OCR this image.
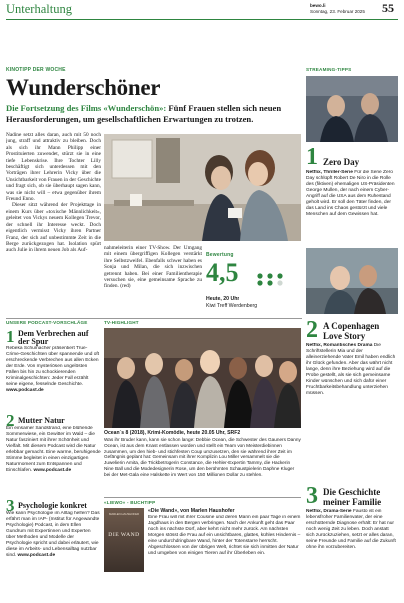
Unterhaltung	bewo.li
Sonntag, 23. Februar 2025 55
KINOTIPP DER WOCHE
Wunderschöner
Die Fortsetzung des Films «Wunderschön»: Fünf Frauen stellen sich neuen Herausforderungen, um gesellschaftlichen Erwartungen zu trotzen.

Nadine setzt alles daran, auch mit 50 noch jung, straff und attraktiv zu bleiben. Doch als sich ihr Mann Philipp einer Prostituierten zuwendet, stürzt sie in eine tiefe Lebenskrise. Ihre Tochter Lilly beschäftigt sich unterdessen mit den Vorträgen ihrer Lehrerin Vicky über die Unsichtbarkeit von Frauen in der Geschichte und fragt sich, ob sie überhaupt sagen kann, was sie nicht will – etwa gegenüber ihrem Freund Enno.

Dieser sitzt während der Projekttage in einem Kurs über «toxische Männlichkeit», geleitet von Vickys neuem Kollegen Trevor, der schnell ihr Interesse weckt. Doch eigentlich vermisst Vicky ihren Partner Franz, der sich auf unbestimmte Zeit in die Berge zurückgezogen hat. Isolation spürt auch Julie in ihrem neuen Job als Auf-	nahmeleiterin einer TV-Show. Der Umgang mit einem übergriffigen Kollegen verstärkt ihre Selbstzweifel. Ebenfalls schwer haben es Sonja und Milan, die sich inzwischen getrennt haben. Bei einer Familientherapie versuchen sie, eine gemeinsame Sprache zu finden. (red)
Bewertung
4,5
Heute, 20 Uhr
Kiwi Treff Werdenberg
UNSERE PODCAST-VORSCHLÄGE
1 Dem Verbrechen auf der Spur
Rebeka Schumacher präsentiert True-Crime-Geschichten über spannende und oft erschreckende Verbrechen aus allen Ecken der Erde. Von mysteriösen ungelösten Fällen bis hin zu schockierenden Kriminalgeschichten: Jeder Fall erzählt seine eigene, fesselnde Geschichte. www.podcast.de
2 Mutter Natur
Ein einsamer Sandstrand, eine blühende Sommerwiese, ein Gewitter im Wald – die Natur fasziniert mit ihrer Schönheit und Vielfalt. Mit diesem Podcast wird die Natur erlebbar gemacht. Eine warme, beruhigende Stimme begleitet in einen einzigartigen Naturmoment zum Entspannen und Einschlafen. www.podcast.de
3 Psychologie konkret
Wie kann Psychologie im Alltag helfen? Das erfährt man im IAP- (Institut für Angewandte Psychologie) Podcast, in dem Ellen Gundrum mit Expertinnen und Experten über Methoden und Modelle der Psychologie spricht und dabei erläutert, wie diese im Arbeits- und Lebensalltag nutzbar sind. www.podcast.de
TV-HIGHLIGHT
Ocean´s 8 (2018), Krimi-Komödie, heute 20.05 Uhr, SRF2
Was ihr Bruder kann, kann sie schon lange: Debbie Ocean, die Schwester des Gauners Danny Ocean, ist aus dem Knast entlassen worden und stellt ein Team von Meisterdiebinnen zusammen, um den hieb- und stichfesten Coup umzusetzen, den sie während ihrer Zeit im Gefängnis geplant hat: Gemeinsam mit ihrer Komplizin Lou Miller versammelt sie die Juwelierin Amita, die Trickbetrügerin Constance, die Hehler-Expertin Tammy, die Hackerin Nine Ball und die Modedesignerin Rose, um den berühmten Schaustpielerin Daphne Kluger bei der Met-Gala eine Halskette im Wert von 150 Millionen Dollar zu stehlen.
«LIEWO» - BUCHTIPP
MARLEN HAUSHOFER
DIE WAND
«Die Wand», von Marlen Haushofer
Eine Frau will mit ihrer Cousine und deren Mann ein paar Tage in einem Jagdhaus in den Bergen verbringen. Nach der Ankunft geht das Paar noch ins nächste Dorf, aber kehrt nicht mehr zurück. Am nächsten Morgen stösst die Frau auf ein unsichtbares, glattes, kühles Hindernis – eine undurchdringbare Wand, hinter der Totenstarre herrscht. Abgeschlossen von der übrigen Welt, richtet sie sich inmitten der Natur und umgeben von einigen Tieren auf ihr Überleben ein.
STREAMING-TIPPS
1 Zero Day
Netflix, Thriller-Serie Für die Serie Zero Day schlüpft Robert De Niro in die Rolle des (fiktiven) ehemaligen US-Präsidenten George Mullen, der nach einem Cyber-Angriff auf die USA aus dem Ruhestand geholt wird. Er soll den Täter finden, der das Land ins Chaos gestürzt und viele Menschen auf dem Gewissen hat.
2 A Copenhagen Love Story
Netflix, Romantisches Drama Die Schriftstellerin Mia und der alleinerziehende Vater Emil haben endlich ihr Glück gefunden. Aber das währt nicht lange, denn ihre Beziehung wird auf die Probe gestellt, als sie sich gemeinsame Kinder wünschen und sich dafür einer Fruchtbarkeitsbehandlung unterziehen müssen.
3 Die Geschichte meiner Familie
Netflix, Drama-Serie Fausto ist ein lebensfroher Familienvater, der eine erschütternde Diagnose erhält: Er hat nur noch wenig Zeit zu leben. Doch anstatt sich zurückzuziehen, setzt er alles daran, seine Freunde und Familie auf die Zukunft ohne ihn vorzubereiten.
